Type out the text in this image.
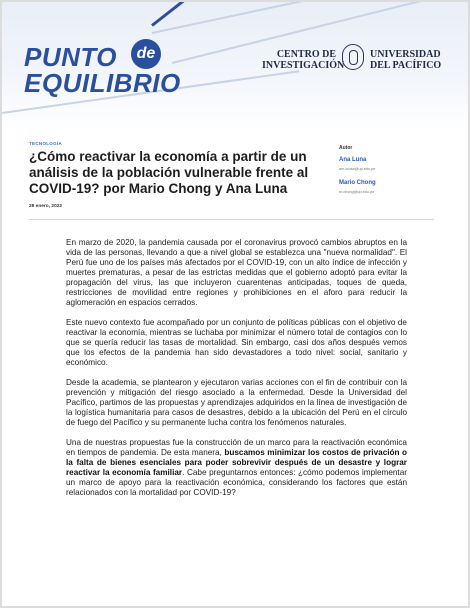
PUNTO	de
EQUILIBRIO
CENTRO DE
INVESTIGACIÓN
UNIVERSIDAD
DEL PACÍFICO
TECNOLOGÍA
¿Cómo reactivar la economía a partir de un análisis de la población vulnerable frente al COVID-19? por Mario Chong y Ana Luna
28 enero, 2022
Autor
Ana Luna
am.lunaa@up.edu.pe
Mario Chong
m.chong@up.edu.pe

En marzo de 2020, la pandemia causada por el coronavirus provocó cambios abruptos en la vida de las personas, llevando a que a nivel global se establezca una "nueva normalidad". El Perú fue uno de los países más afectados por el COVID-19, con un alto índice de infección y muertes prematuras, a pesar de las estrictas medidas que el gobierno adoptó para evitar la propagación del virus, las que incluyeron cuarentenas anticipadas, toques de queda, restricciones de movilidad entre regiones y prohibiciones en el aforo para reducir la aglomeración en espacios cerrados.

Este nuevo contexto fue acompañado por un conjunto de políticas públicas con el objetivo de reactivar la economía, mientras se luchaba por minimizar el número total de contagios con lo que se quería reducir las tasas de mortalidad. Sin embargo, casi dos años después vemos que los efectos de la pandemia han sido devastadores a todo nivel: social, sanitario y económico.

Desde la academia, se plantearon y ejecutaron varias acciones con el fin de contribuir con la prevención y mitigación del riesgo asociado a la enfermedad. Desde la Universidad del Pacífico, partimos de las propuestas y aprendizajes adquiridos en la línea de investigación de la logística humanitaria para casos de desastres, debido a la ubicación del Perú en el círculo de fuego del Pacífico y su permanente lucha contra los fenómenos naturales.

Una de nuestras propuestas fue la construcción de un marco para la reactivación económica en tiempos de pandemia. De esta manera, buscamos minimizar los costos de privación o la falta de bienes esenciales para poder sobrevivir después de un desastre y lograr reactivar la economía familiar. Cabe preguntarnos entonces: ¿cómo podemos implementar un marco de apoyo para la reactivación económica, considerando los factores que están relacionados con la mortalidad por COVID-19?
